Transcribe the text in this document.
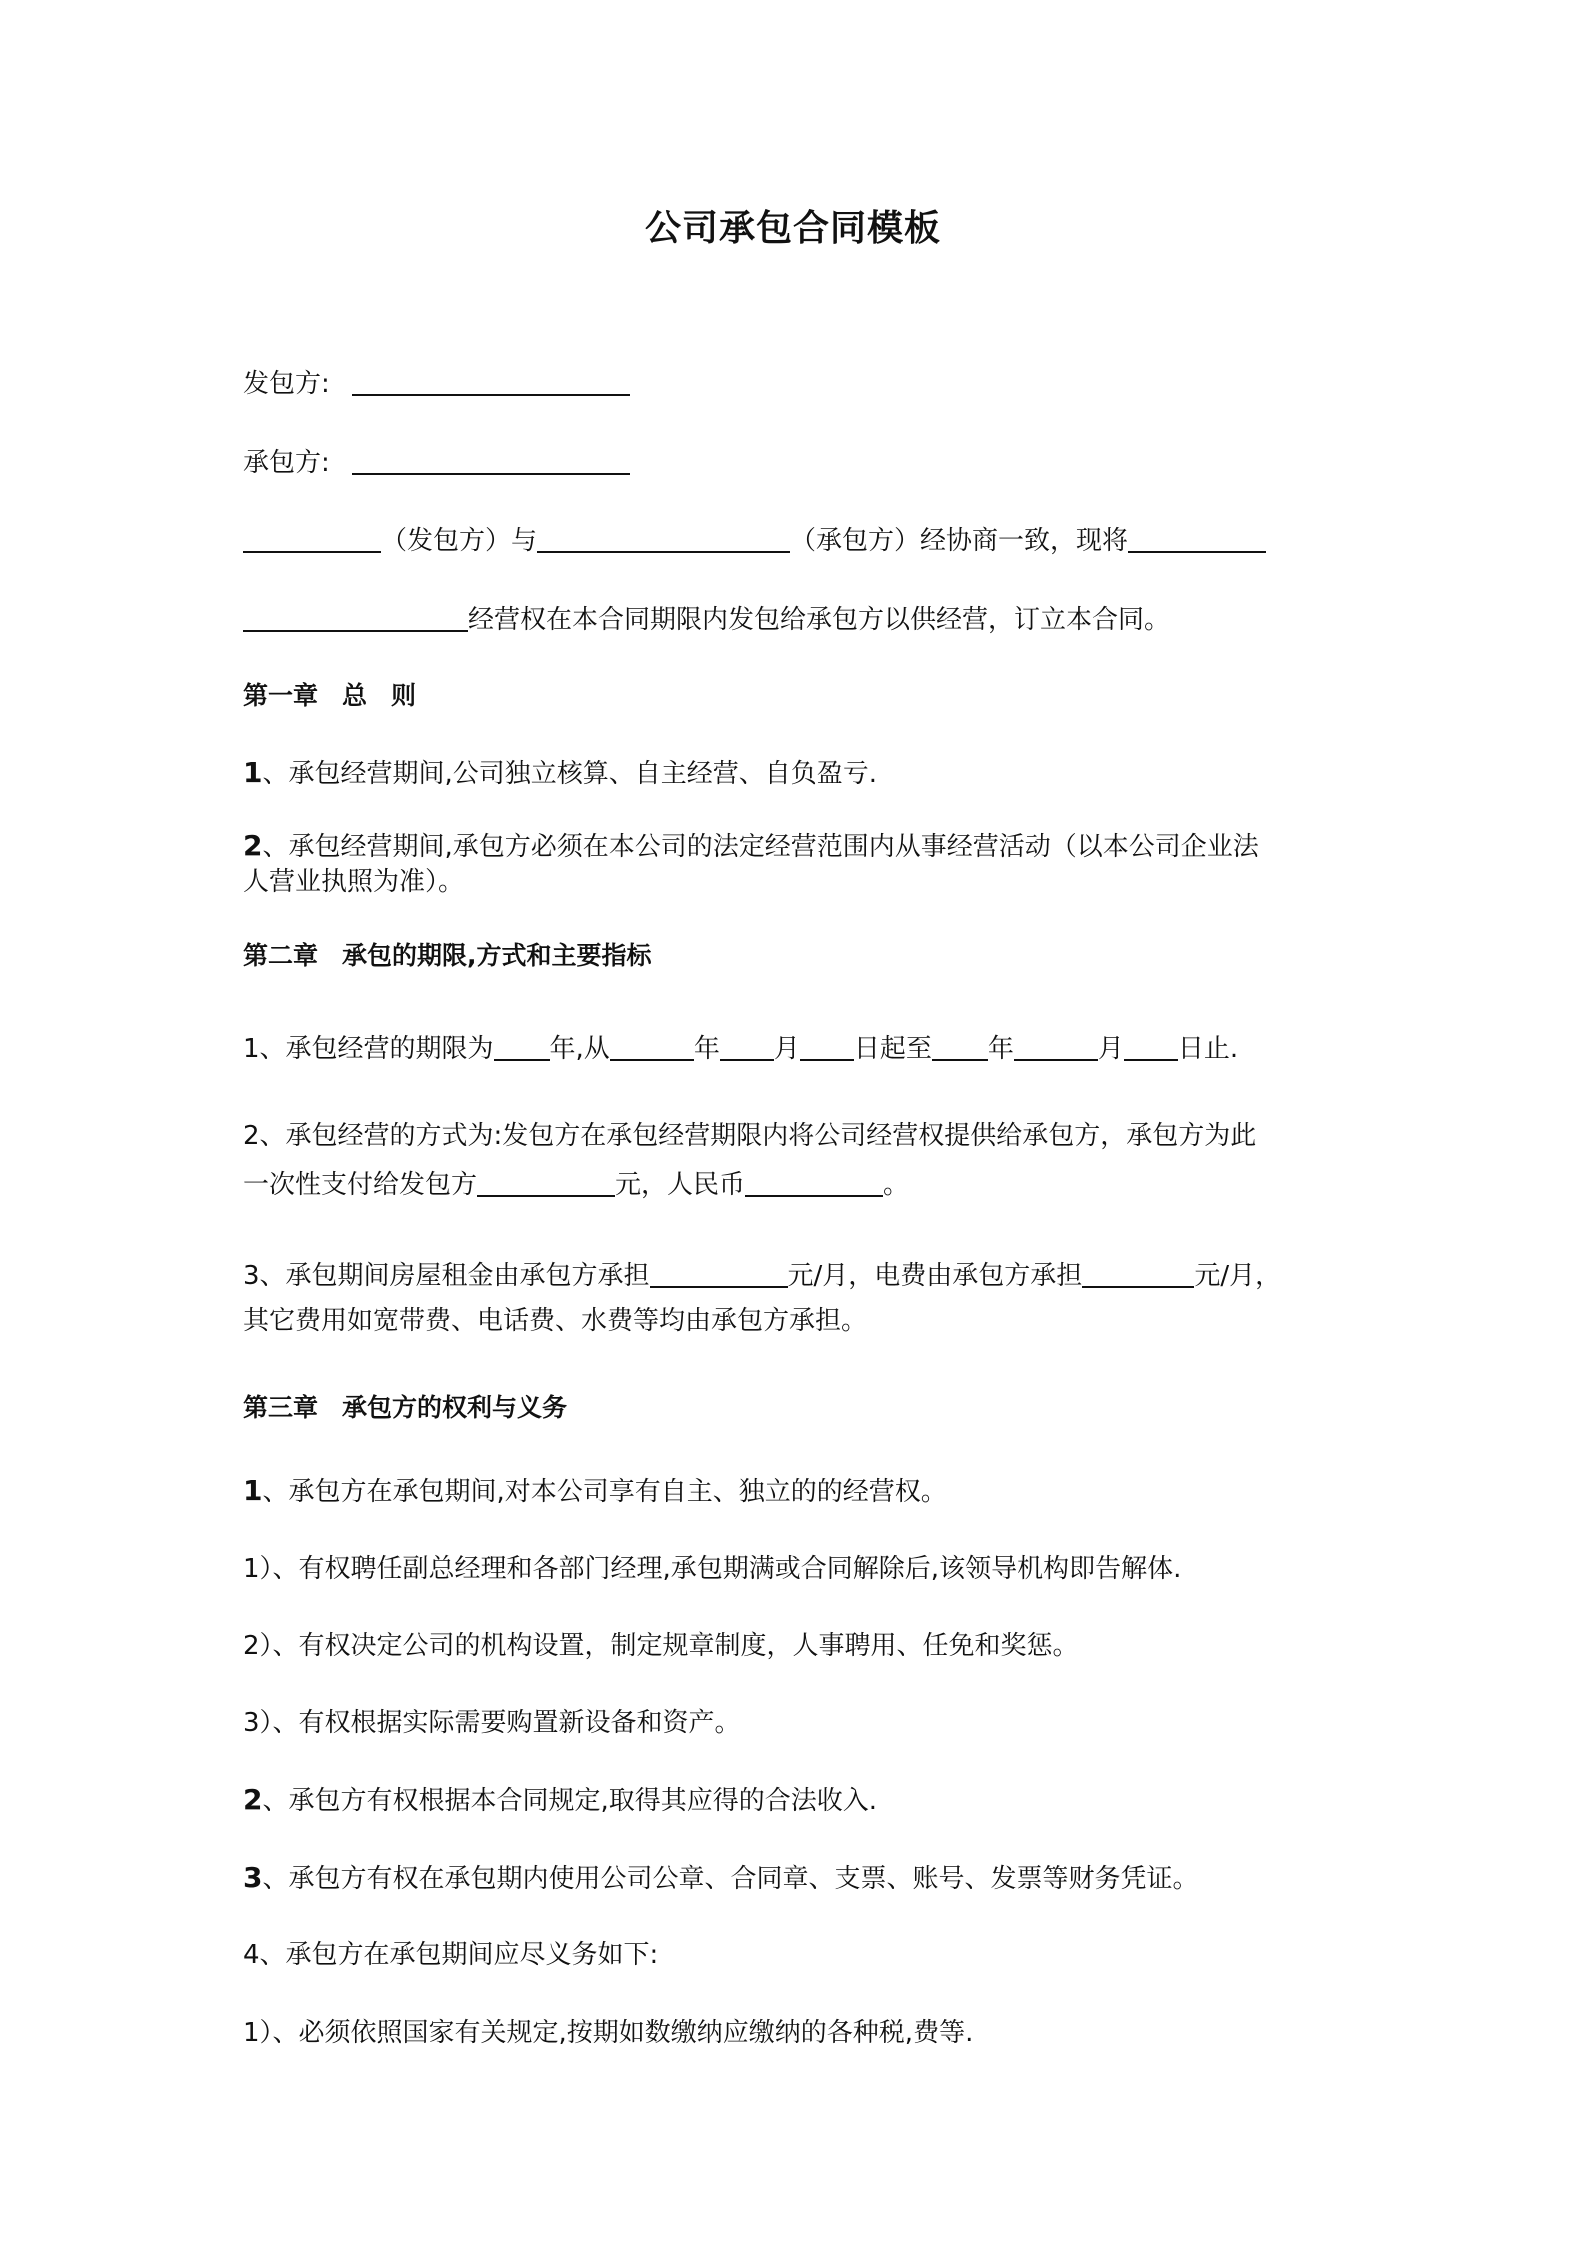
公司承包合同模板
发包方:
承包方:
（发包方）与	（承包方）经协商一致，现将
经营权在本合同期限内发包给承包方以供经营，订立本合同。
第一章 总 则
1、承包经营期间,公司独立核算、自主经营、自负盈亏.
2、承包经营期间,承包方必须在本公司的法定经营范围内从事经营活动（以本公司企业法
人营业执照为准）。
第二章 承包的期限,方式和主要指标
1、承包经营的期限为 年,从	年 月 日起至 年	月 日止.
2、承包经营的方式为:发包方在承包经营期限内将公司经营权提供给承包方，承包方为此
一次性支付给发包方	元，人民币	。
3、承包期间房屋租金由承包方承担	元/月，电费由承包方承担	元/月，
其它费用如宽带费、电话费、水费等均由承包方承担。
第三章 承包方的权利与义务
1、承包方在承包期间,对本公司享有自主、独立的的经营权。
1）、有权聘任副总经理和各部门经理,承包期满或合同解除后,该领导机构即告解体.
2）、有权决定公司的机构设置，制定规章制度，人事聘用、任免和奖惩。
3）、有权根据实际需要购置新设备和资产。
2、承包方有权根据本合同规定,取得其应得的合法收入.
3、承包方有权在承包期内使用公司公章、合同章、支票、账号、发票等财务凭证。
4、承包方在承包期间应尽义务如下:
1）、必须依照国家有关规定,按期如数缴纳应缴纳的各种税,费等.
